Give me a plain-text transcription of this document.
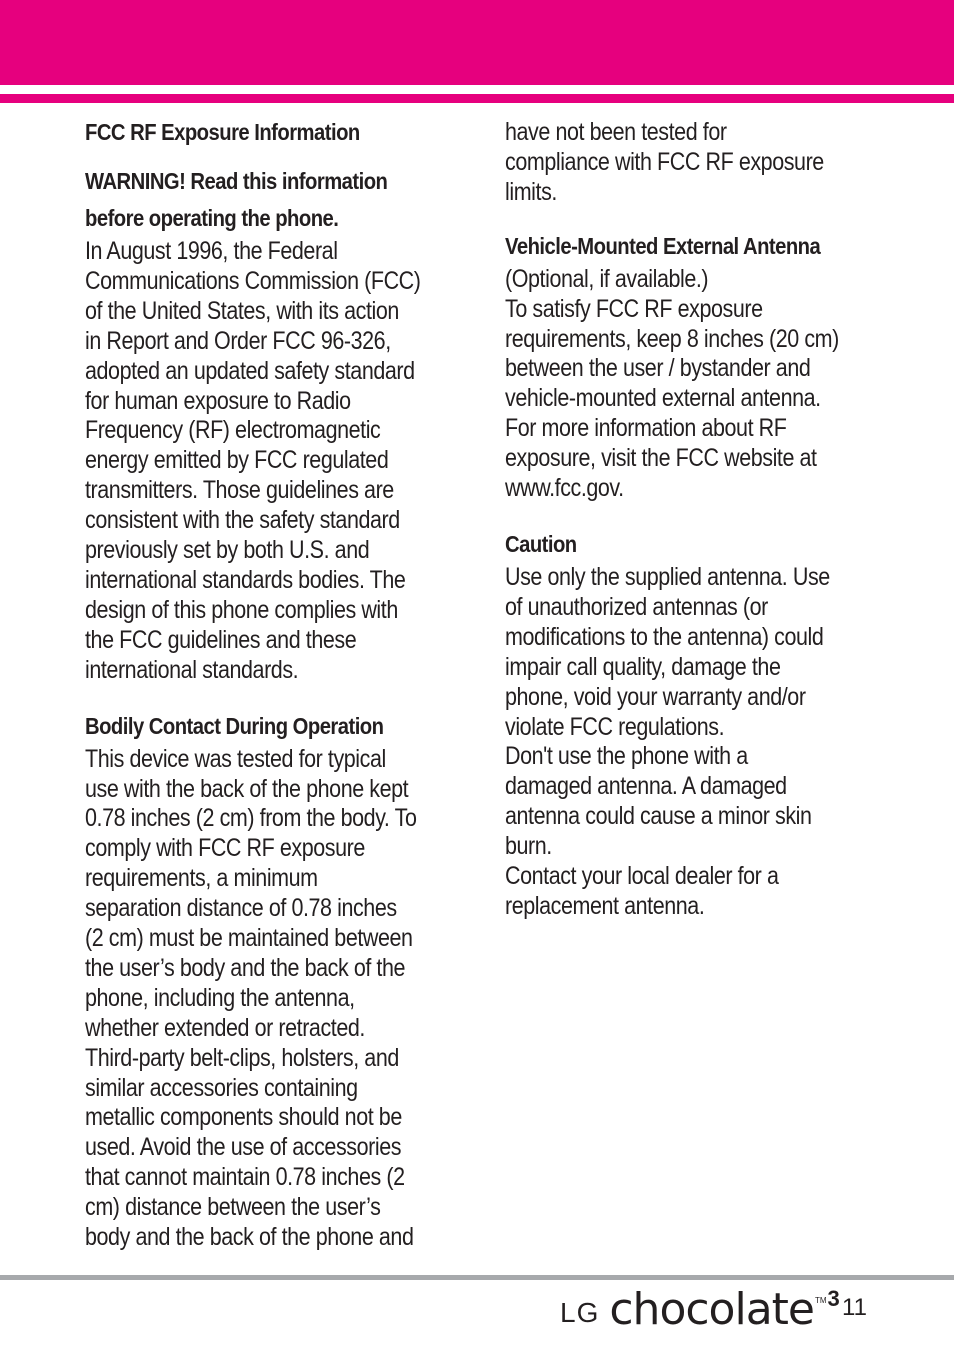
FCC RF Exposure Information
WARNING! Read this information
before operating the phone.

In August 1996, the Federal

Communications Commission (FCC)

of the United States, with its action

in Report and Order FCC 96-326,

adopted an updated safety standard

for human exposure to Radio

Frequency (RF) electromagnetic

energy emitted by FCC regulated

transmitters. Those guidelines are

consistent with the safety standard

previously set by both U.S. and

international standards bodies. The

design of this phone complies with

the FCC guidelines and these

international standards.

Bodily Contact During Operation

This device was tested for typical

use with the back of the phone kept

0.78 inches (2 cm) from the body. To

comply with FCC RF exposure

requirements, a minimum

separation distance of 0.78 inches

(2 cm) must be maintained between

the user’s body and the back of the

phone, including the antenna,

whether extended or retracted.

Third-party belt-clips, holsters, and

similar accessories containing

metallic components should not be

used. Avoid the use of accessories

that cannot maintain 0.78 inches (2

cm) distance between the user’s

body and the back of the phone and

have not been tested for

compliance with FCC RF exposure

limits.

Vehicle-Mounted External Antenna

(Optional, if available.)

To satisfy FCC RF exposure

requirements, keep 8 inches (20 cm)

between the user / bystander and

vehicle-mounted external antenna.

For more information about RF

exposure, visit the FCC website at

www.fcc.gov.

Caution

Use only the supplied antenna. Use

of unauthorized antennas (or

modifications to the antenna) could

impair call quality, damage the

phone, void your warranty and/or

violate FCC regulations.

Don't use the phone with a

damaged antenna. A damaged

antenna could cause a minor skin

burn.

Contact your local dealer for a

replacement antenna.

LG chocolate TM 3 11
